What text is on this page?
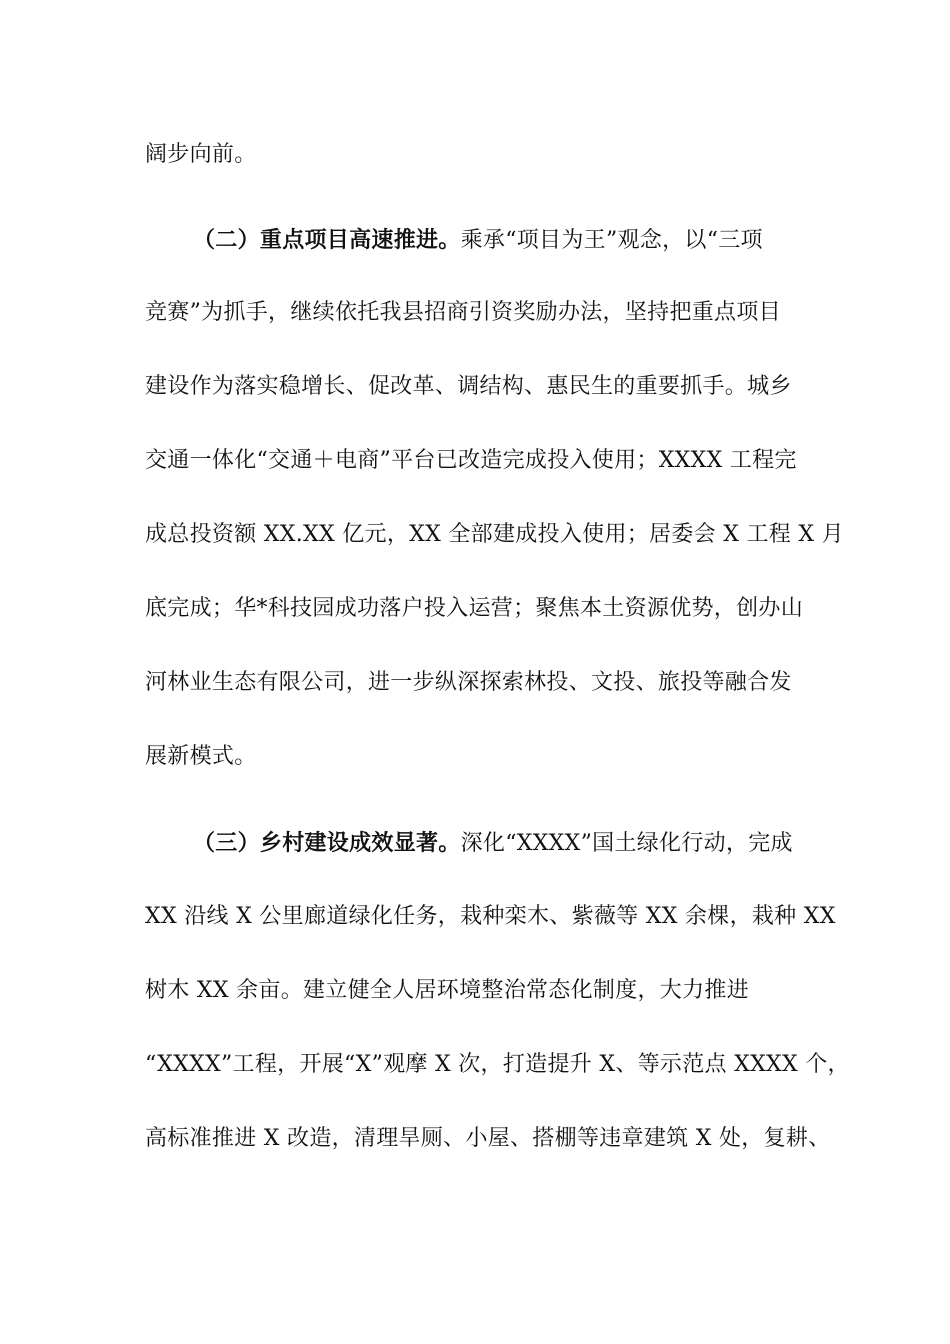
阔步向前。
（二）重点项目高速推进。乘承“项目为王”观念，以“三项
竞赛”为抓手，继续依托我县招商引资奖励办法，坚持把重点项目
建设作为落实稳增长、促改革、调结构、惠民生的重要抓手。城乡
交通一体化“交通＋电商”平台已改造完成投入使用；XXXX 工程完
成总投资额 XX.XX 亿元，XX 全部建成投入使用；居委会 X 工程 X 月
底完成；华*科技园成功落户投入运营；聚焦本土资源优势，创办山
河林业生态有限公司，进一步纵深探索林投、文投、旅投等融合发
展新模式。
（三）乡村建设成效显著。深化“XXXX”国土绿化行动，完成
XX 沿线 X 公里廊道绿化任务，栽种栾木、紫薇等 XX 余棵，栽种 XX
树木 XX 余亩。建立健全人居环境整治常态化制度，大力推进
“XXXX”工程，开展“X”观摩 X 次，打造提升 X、等示范点 XXXX 个，
高标准推进 X 改造，清理旱厕、小屋、搭棚等违章建筑 X 处，复耕、
